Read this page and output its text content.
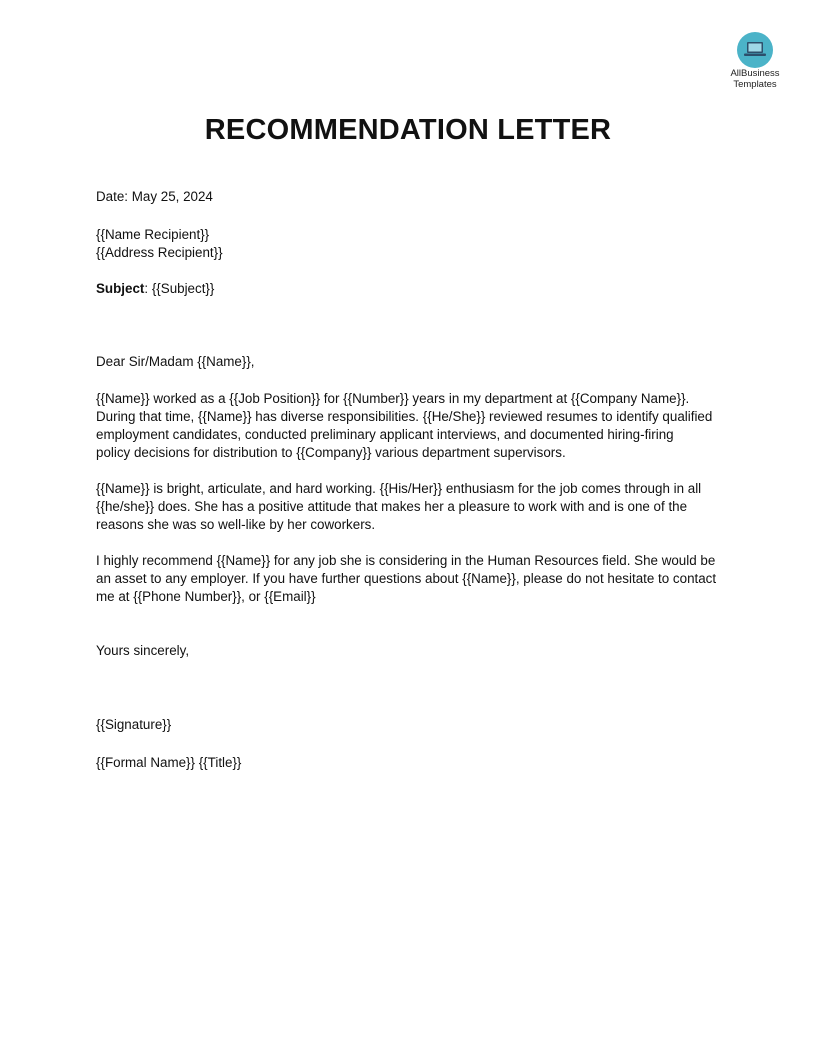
AllBusiness
Templates
RECOMMENDATION LETTER

Date: May 25, 2024

{{Name Recipient}}

{{Address Recipient}}

Subject: {{Subject}}

Dear Sir/Madam {{Name}},

{{Name}} worked as a {{Job Position}} for {{Number}} years in my department at {{Company Name}}.

During that time, {{Name}} has diverse responsibilities. {{He/She}} reviewed resumes to identify qualified

employment candidates, conducted preliminary applicant interviews, and documented hiring-firing

policy decisions for distribution to {{Company}} various department supervisors.

{{Name}} is bright, articulate, and hard working. {{His/Her}} enthusiasm for the job comes through in all

{{he/she}} does. She has a positive attitude that makes her a pleasure to work with and is one of the

reasons she was so well-like by her coworkers.

I highly recommend {{Name}} for any job she is considering in the Human Resources field. She would be

an asset to any employer. If you have further questions about {{Name}}, please do not hesitate to contact

me at {{Phone Number}}, or {{Email}}

Yours sincerely,

{{Signature}}

{{Formal Name}} {{Title}}
